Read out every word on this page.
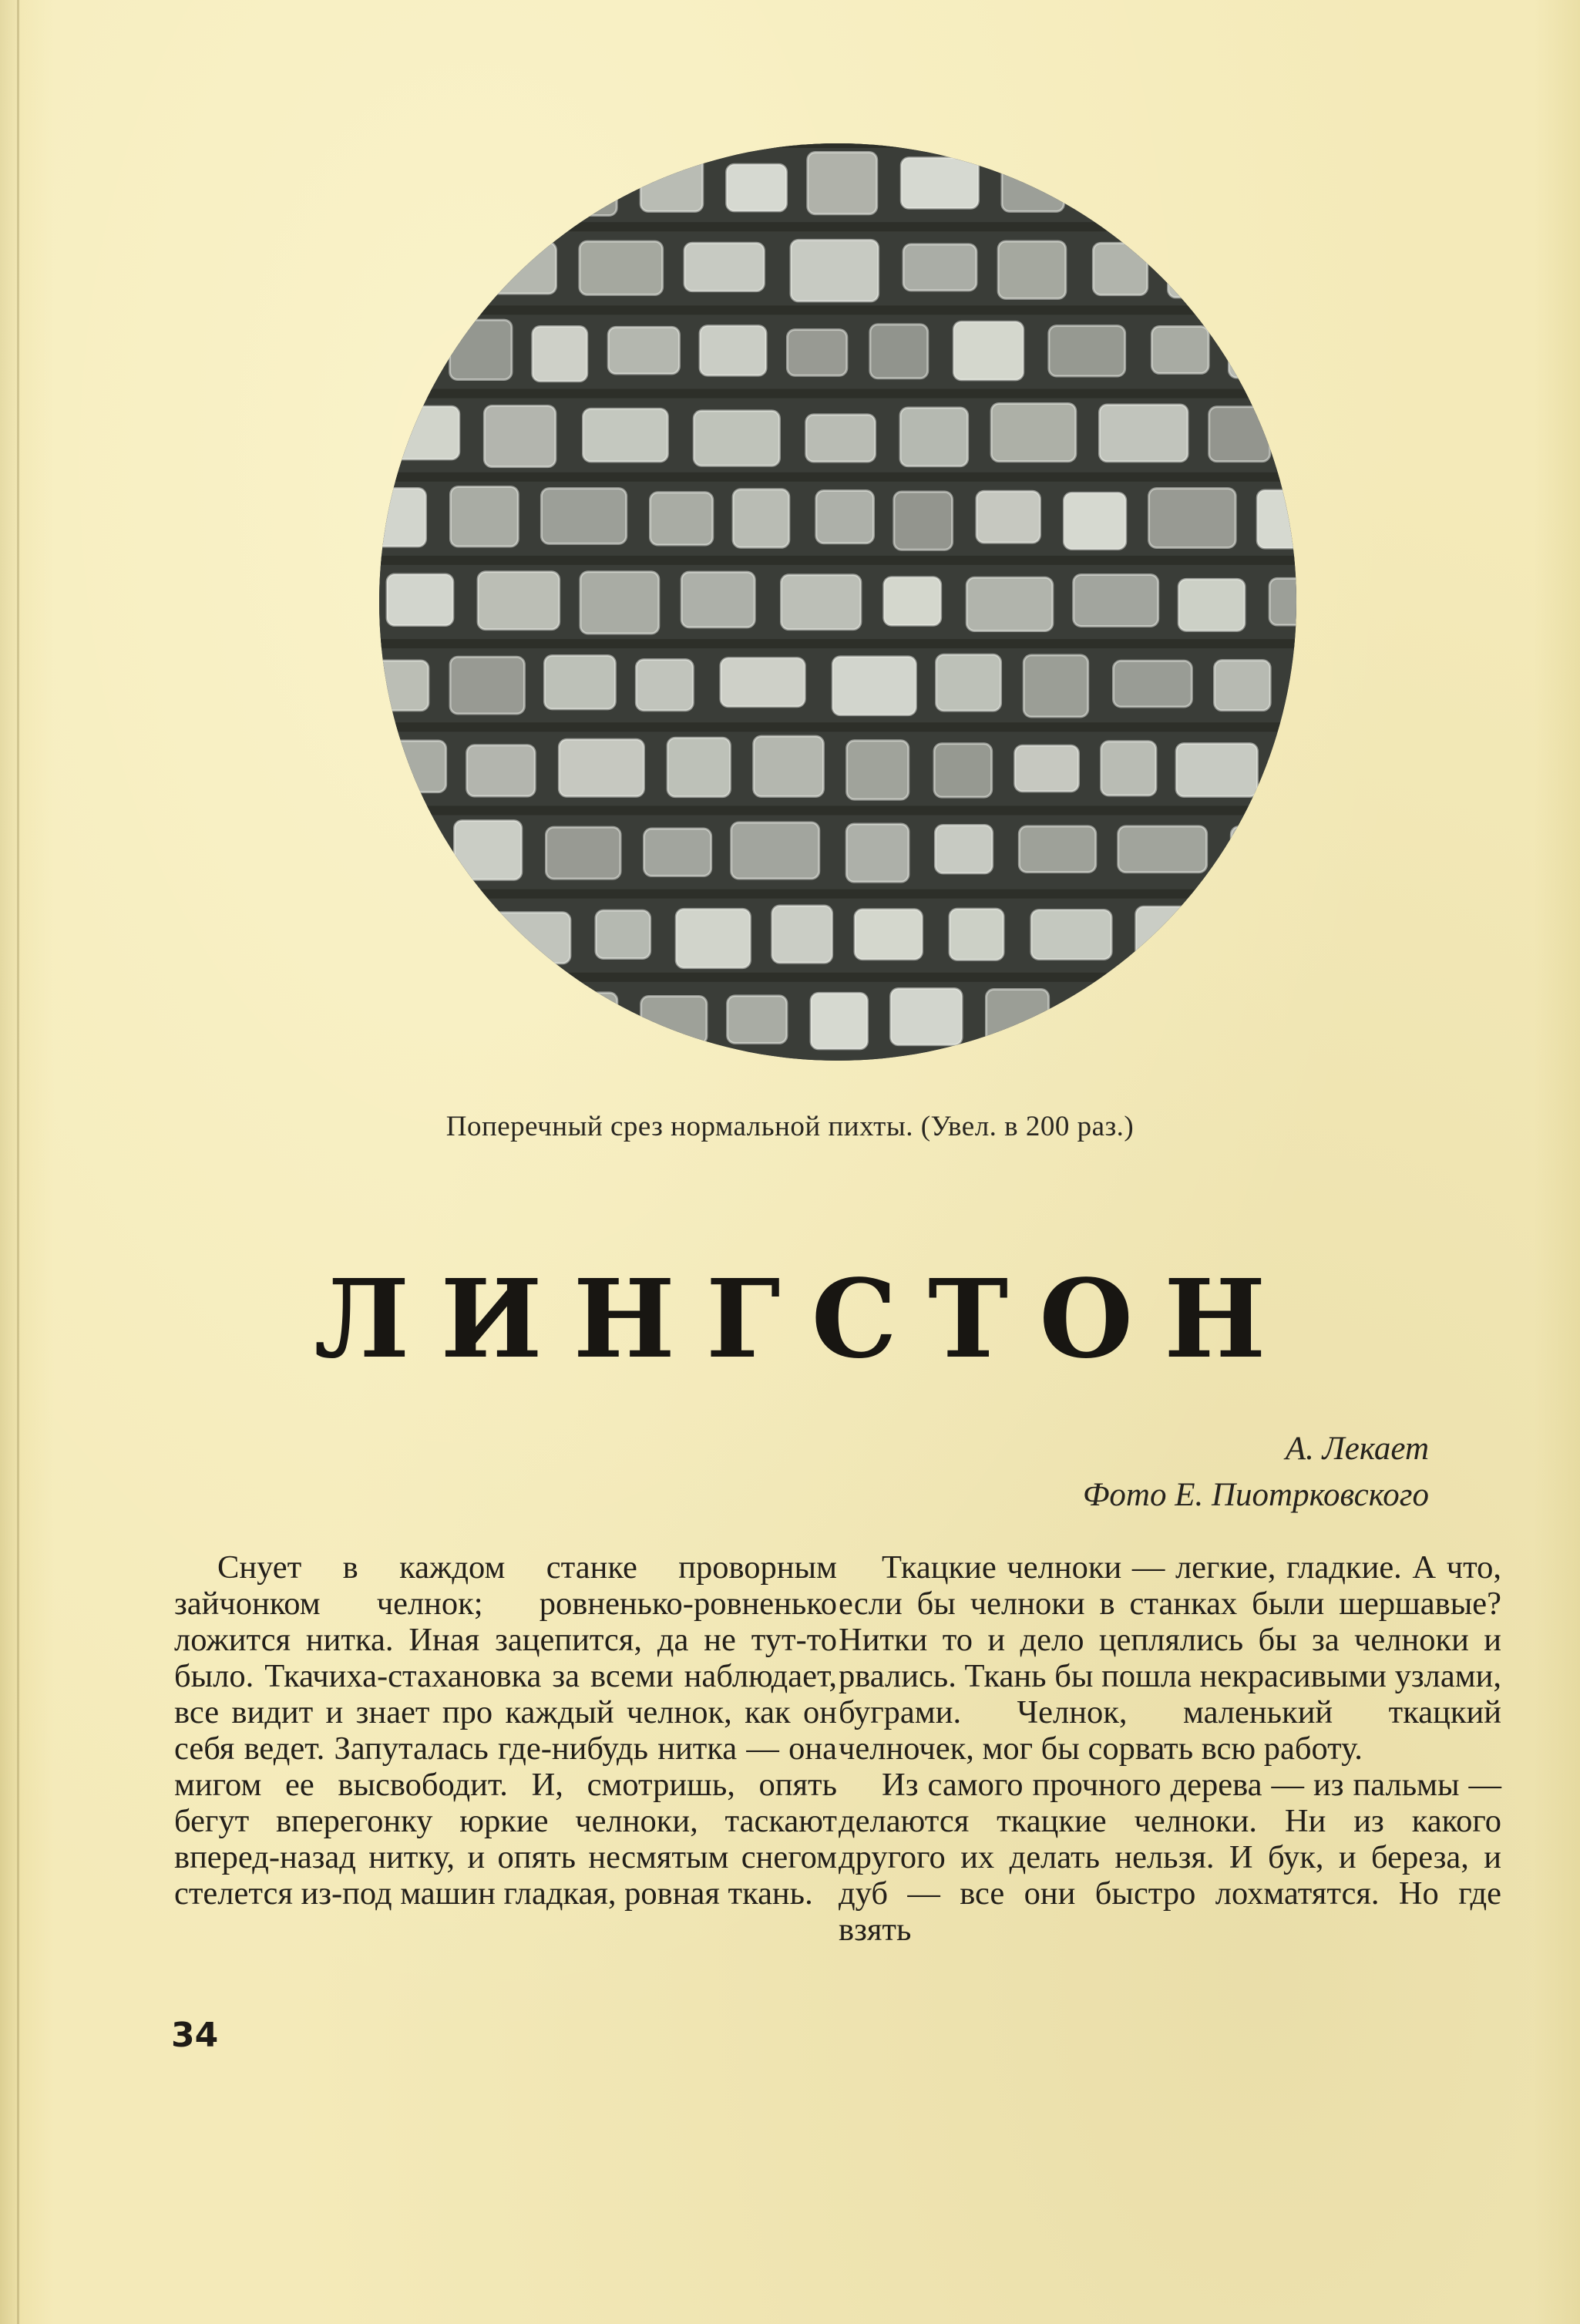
Поперечный срез нормальной пихты. (Увел. в 200 раз.)
ЛИНГСТОН
А. Лекает
Фото Е. Пиотрковского

Снует в каждом станке проворным зайчонком челнок; ровненько-ровненько ложится нитка. Иная зацепится, да не тут-то было. Ткачиха-стахановка за всеми наблюдает, все видит и знает про каждый челнок, как он себя ведет. Запуталась где-нибудь нитка — она мигом ее высвободит. И, смотришь, опять бегут вперегонку юркие челноки, таскают вперед-назад нитку, и опять несмятым снегом стелется из-под машин гладкая, ровная ткань.

Ткацкие челноки — легкие, гладкие. А что, если бы челноки в станках были шершавые? Нитки то и дело цеплялись бы за челноки и рвались. Ткань бы пошла некрасивыми узлами, буграми. Челнок, маленький ткацкий челночек, мог бы сорвать всю работу.

Из самого прочного дерева — из пальмы — делаются ткацкие челноки. Ни из какого другого их делать нельзя. И бук, и береза, и дуб — все они быстро лохматятся. Но где взять

34
